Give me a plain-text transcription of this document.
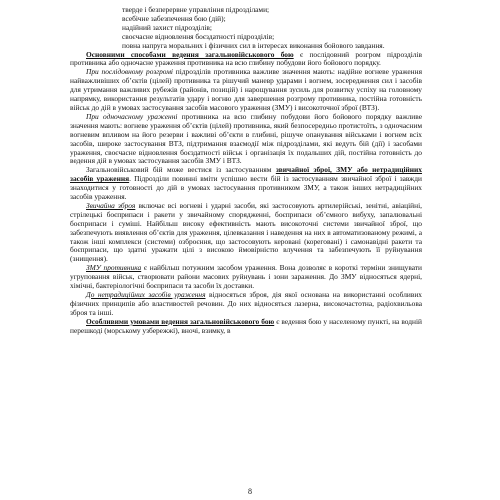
тверде і безперервне управління підрозділами;

всебічне забезпечення бою (дій);

надійний захист підрозділів;

своєчасне відновлення боєздатності підрозділів;

повна напруга моральних і фізичних сил в інтересах виконання бойового завдання.

Основними способами ведення загальновійськового бою є послідовний розгром підрозділів противника або одночасне ураження противника на всю глибину побудови його бойового порядку.

При послідовному розгромі підрозділів противника важливе значення мають: надійне вогневе ураження найважливіших об’єктів (цілей) противника та рішучий маневр ударами і вогнем, зосередження сил і засобів для утримання важливих рубежів (районів, позицій) і нарощування зусиль для розвитку успіху на головному напрямку, використання результатів удару і вогню для завершення розгрому противника, постійна готовність військ до дій в умовах застосування засобів масового ураження (ЗМУ) і високоточної зброї (ВТЗ).

При одночасному ураженні противника на всю глибину побудови його бойового порядку важливе значення мають: вогневе ураження об’єктів (цілей) противника, який безпосередньо протистоїть, з одночасним вогневим впливом на його резерви і важливі об’єкти в глибині, рішуче опанування військами і вогнем всіх засобів, широке застосування ВТЗ, підтримання взаємодії між підрозділами, які ведуть бій (дії) і засобами ураження, своєчасне відновлення боєздатності військ і організація їх подальших дій, постійна готовність до ведення дій в умовах застосування засобів ЗМУ і ВТЗ.

Загальновійськовий бій може вестися із застосуванням звичайної зброї, ЗМУ або нетрадиційних засобів ураження. Підрозділи повинні вміти успішно вести бій із застосуванням звичайної зброї і завжди знаходитися у готовності до дій в умовах застосування противником ЗМУ, а також інших нетрадиційних засобів ураження.

Звичайна зброя включає всі вогневі і ударні засоби, які застосовують артилерійські, зенітні, авіаційні, стрілецькі боєприпаси і ракети у звичайному спорядженні, боєприпаси об’ємного вибуху, запалювальні боєприпаси і суміші. Найбільш високу ефективність мають високоточні системи звичайної зброї, що забезпечують виявлення об’єктів для ураження, цілевказання і наведення на них в автоматизованому режимі, а також інші комплекси (системи) озброєння, що застосовують керовані (кореговані) і самонавідні ракети та боєприпаси, що здатні уражати цілі з високою ймовірністю влучення та забезпечують її руйнування (знищення).

ЗМУ противника є найбільш потужним засобом ураження. Вона дозволяє в короткі терміни знищувати угруповання військ, створювати райони масових руйнувань і зони зараження. До ЗМУ відносяться ядерні, хімічні, бактеріологічні боєприпаси та засоби їх доставки.

До нетрадиційних засобів ураження відносяться зброя, дія якої основана на використанні особливих фізичних принципів або властивостей речовин. До них відносяться лазерна, високочастотна, радіохвильова зброя та інші.

Особливими умовами ведення загальновійськового бою є ведення бою у населеному пункті, на водній перешкоді (морському узбережжі), вночі, взимку, в

8
